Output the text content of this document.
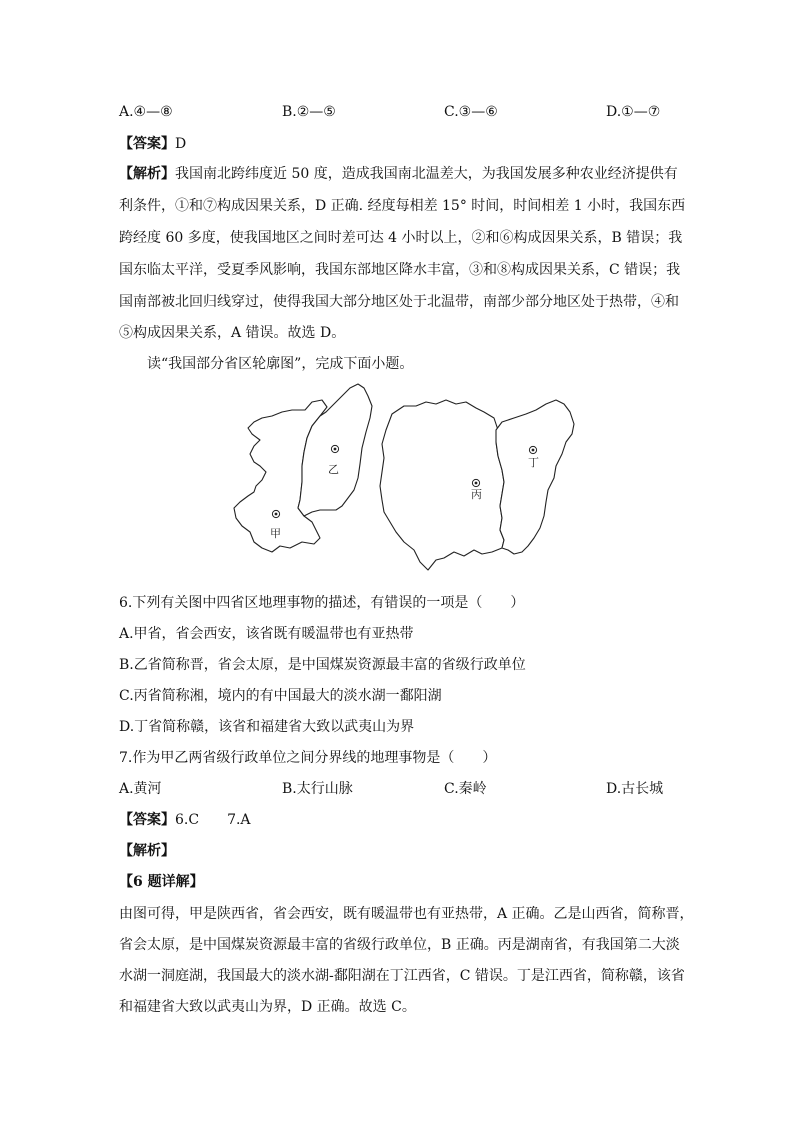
A.④—⑧	B.②—⑤	C.③—⑥	D.①—⑦
【答案】D
【解析】我国南北跨纬度近 50 度，造成我国南北温差大，为我国发展多种农业经济提供有
利条件，①和⑦构成因果关系，D 正确. 经度每相差 15° 时间，时间相差 1 小时，我国东西
跨经度 60 多度，使我国地区之间时差可达 4 小时以上，②和⑥构成因果关系，B 错误；我
国东临太平洋，受夏季风影响，我国东部地区降水丰富，③和⑧构成因果关系，C 错误；我
国南部被北回归线穿过，使得我国大部分地区处于北温带，南部少部分地区处于热带，④和
⑤构成因果关系，A 错误。故选 D。
读“我国部分省区轮廓图”，完成下面小题。
乙
甲
丙
丁
6.下列有关图中四省区地理事物的描述，有错误的一项是（　　）
A.甲省，省会西安，该省既有暖温带也有亚热带
B.乙省简称晋，省会太原，是中国煤炭资源最丰富的省级行政单位
C.丙省简称湘，境内的有中国最大的淡水湖一鄱阳湖
D.丁省简称赣，该省和福建省大致以武夷山为界
7.作为甲乙两省级行政单位之间分界线的地理事物是（　　）
A.黄河	B.太行山脉	C.秦岭	D.古长城
【答案】6.C　　7.A
【解析】
【6 题详解】
由图可得，甲是陕西省，省会西安，既有暖温带也有亚热带，A 正确。乙是山西省，简称晋，
省会太原，是中国煤炭资源最丰富的省级行政单位，B 正确。丙是湖南省，有我国第二大淡
水湖一洞庭湖，我国最大的淡水湖-鄱阳湖在丁江西省，C 错误。丁是江西省，简称赣，该省
和福建省大致以武夷山为界，D 正确。故选 C。
